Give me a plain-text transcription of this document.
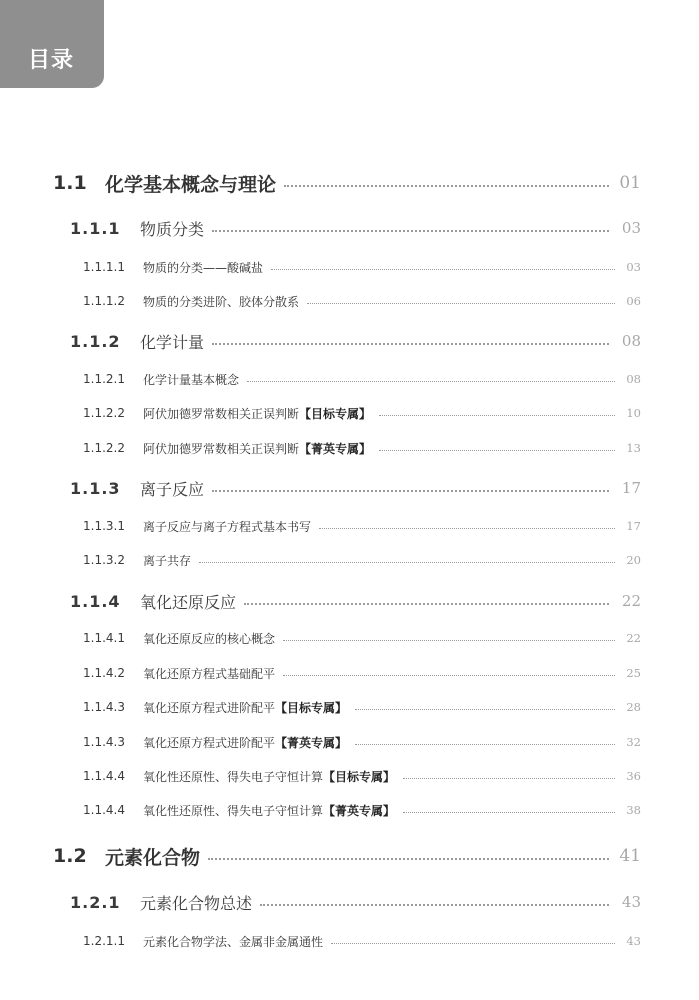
目录
1.1 化学基本概念与理论	01
1.1.1	物质分类	03
1.1.1.1	物质的分类——酸碱盐	03
1.1.1.2	物质的分类进阶、胶体分散系	06
1.1.2	化学计量	08
1.1.2.1	化学计量基本概念	08
1.1.2.2	阿伏加德罗常数相关正误判断【目标专属】	10
1.1.2.2	阿伏加德罗常数相关正误判断【菁英专属】	13
1.1.3	离子反应	17
1.1.3.1	离子反应与离子方程式基本书写	17
1.1.3.2	离子共存	20
1.1.4	氧化还原反应	22
1.1.4.1	氧化还原反应的核心概念	22
1.1.4.2	氧化还原方程式基础配平	25
1.1.4.3	氧化还原方程式进阶配平【目标专属】	28
1.1.4.3	氧化还原方程式进阶配平【菁英专属】	32
1.1.4.4	氧化性还原性、得失电子守恒计算【目标专属】	36
1.1.4.4	氧化性还原性、得失电子守恒计算【菁英专属】	38
1.2 元素化合物	41
1.2.1	元素化合物总述	43
1.2.1.1	元素化合物学法、金属非金属通性	43
